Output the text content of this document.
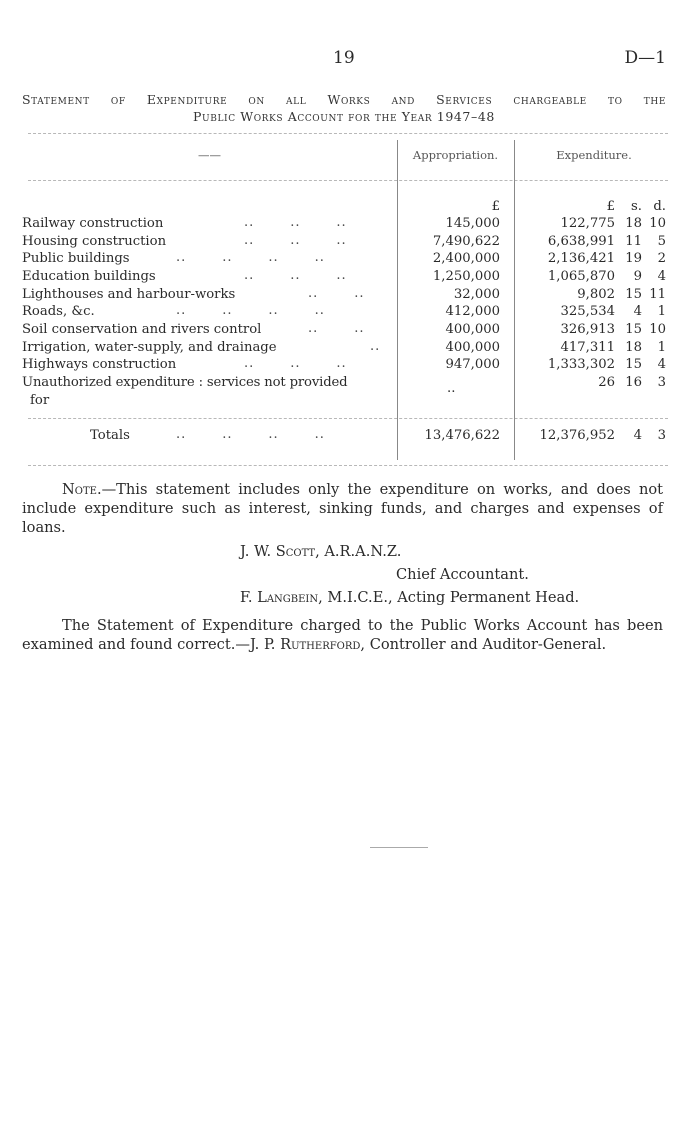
19	D—1
Statement of Expenditure on all Works and Services chargeable to the
Public Works Account for the Year 1947–48
——	Appropriation.	Expenditure.
£	£	s. d.
Railway construction	..       ..       ..	145,000	122,775 18 10
Housing construction	..       ..       ..	7,490,622	6,638,991 11	5
Public buildings	..       ..       ..       ..	2,400,000	2,136,421 19	2
Education buildings	..       ..       ..	1,250,000	1,065,870	9	4
Lighthouses and harbour-works	..       ..	32,000	9,802 15 11
Roads, &c.	..       ..       ..       ..	412,000	325,534	4	1
Soil conservation and rivers control	..       ..	400,000	326,913 15 10
Irrigation, water-supply, and drainage	..	400,000	417,311 18	1
Highways construction	..       ..       ..	947,000	1,333,302 15	4
Unauthorized expenditure : services not provided
for
..	26 16	3
Totals	..       ..       ..       ..	13,476,622	12,376,952	4	3
Note.—This statement includes only the expenditure on works, and does not include expenditure such as interest, sinking funds, and charges and expenses of loans.
J. W. Scott, A.R.A.N.Z.
Chief Accountant.
F. Langbein, M.I.C.E., Acting Permanent Head.
The Statement of Expenditure charged to the Public Works Account has been examined and found correct.—J. P. Rutherford, Controller and Auditor-General.
